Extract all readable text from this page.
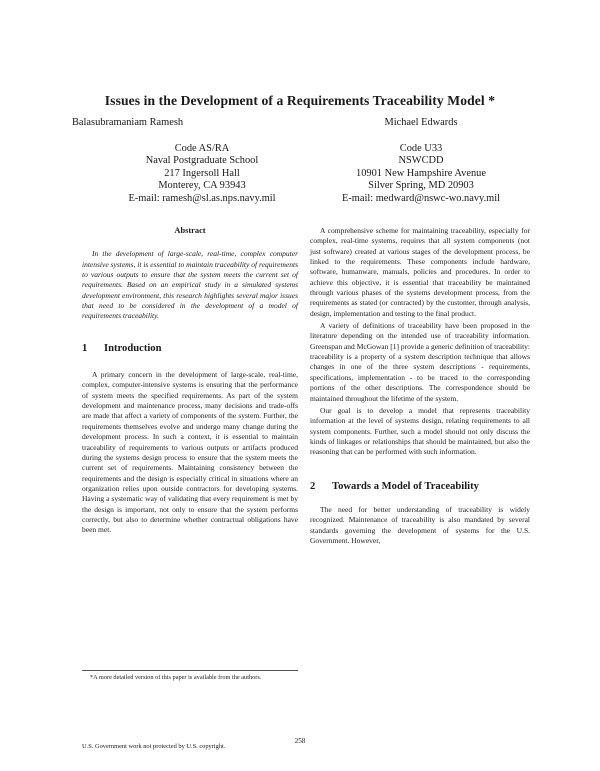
Issues in the Development of a Requirements Traceability Model *
Balasubramaniam Ramesh
Code AS/RA
Naval Postgraduate School
217 Ingersoll Hall
Monterey, CA 93943
E-mail: ramesh@sl.as.nps.navy.mil
Michael Edwards
Code U33
NSWCDD
10901 New Hampshire Avenue
Silver Spring, MD 20903
E-mail: medward@nswc-wo.navy.mil
Abstract

In the development of large-scale, real-time, complex computer intensive systems, it is essential to maintain traceability of requirements to various outputs to ensure that the system meets the current set of requirements. Based on an empirical study in a simulated systems development environment, this research highlights several major issues that need to be considered in the development of a model of requirements traceability.

1 Introduction

A primary concern in the development of large-scale, real-time, complex, computer-intensive systems is ensuring that the performance of system meets the specified requirements. As part of the system development and maintenance process, many decisions and trade-offs are made that affect a variety of components of the system. Further, the requirements themselves evolve and undergo many change during the development process. In such a context, it is essential to maintain traceability of requirements to various outputs or artifacts produced during the systems design process to ensure that the system meets the current set of requirements. Maintaining consistency between the requirements and the design is especially critical in situations where an organization relies upon outside contractors for developing systems. Having a systematic way of validating that every requirement is met by the design is important, not only to ensure that the system performs correctly, but also to determine whether contractual obligations have been met.

*A more detailed version of this paper is available from the authors.

A comprehensive scheme for maintaining traceability, especially for complex, real-time systems, requires that all system components (not just software) created at various stages of the development process, be linked to the requirements. These components include hardware, software, humanware, manuals, policies and procedures. In order to achieve this objective, it is essential that traceability be maintained through various phases of the systems development process, from the requirements as stated (or contracted) by the customer, through analysis, design, implementation and testing to the final product.

A variety of definitions of traceability have been proposed in the literature depending on the intended use of traceability information. Greenspan and McGowan [1] provide a generic definition of traceability: traceability is a property of a system description technique that allows changes in one of the three system descriptions - requirements, specifications, implementation - to be traced to the corresponding portions of the other descriptions. The correspondence should be maintained throughout the lifetime of the system.

Our goal is to develop a model that represents traceability information at the level of systems design, relating requirements to all system components. Further, such a model should not only discuss the kinds of linkages or relationships that should be maintained, but also the reasoning that can be performed with such information.

2 Towards a Model of Traceability

The need for better understanding of traceability is widely recognized. Maintenance of traceability is also mandated by several standards governing the development of systems for the U.S. Government. However,

258
U.S. Government work not protected by U.S. copyright.
